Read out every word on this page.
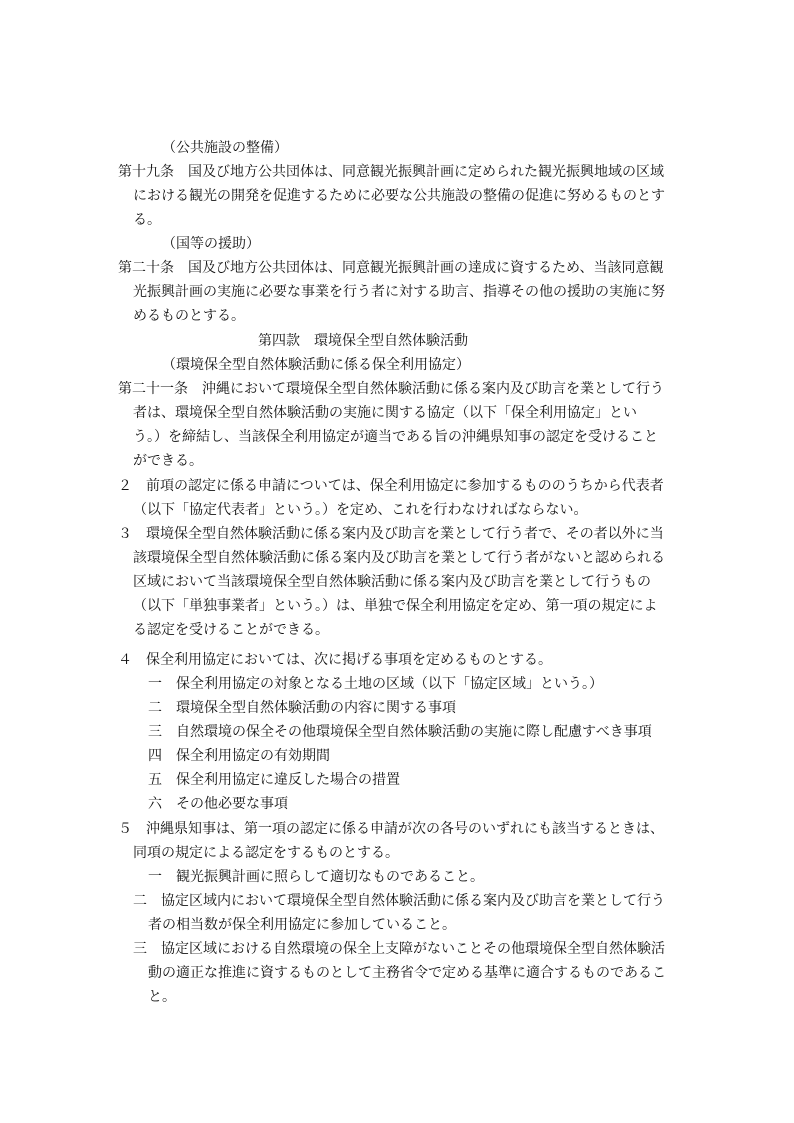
（公共施設の整備）
第十九条　国及び地方公共団体は、同意観光振興計画に定められた観光振興地域の区域
における観光の開発を促進するために必要な公共施設の整備の促進に努めるものとす
る。
（国等の援助）
第二十条　国及び地方公共団体は、同意観光振興計画の達成に資するため、当該同意観
光振興計画の実施に必要な事業を行う者に対する助言、指導その他の援助の実施に努
めるものとする。
第四款　環境保全型自然体験活動
（環境保全型自然体験活動に係る保全利用協定）
第二十一条　沖縄において環境保全型自然体験活動に係る案内及び助言を業として行う
者は、環境保全型自然体験活動の実施に関する協定（以下「保全利用協定」とい
う。）を締結し、当該保全利用協定が適当である旨の沖縄県知事の認定を受けること
ができる。
２　前項の認定に係る申請については、保全利用協定に参加するもののうちから代表者
（以下「協定代表者」という。）を定め、これを行わなければならない。
３　環境保全型自然体験活動に係る案内及び助言を業として行う者で、その者以外に当
該環境保全型自然体験活動に係る案内及び助言を業として行う者がないと認められる
区域において当該環境保全型自然体験活動に係る案内及び助言を業として行うもの
（以下「単独事業者」という。）は、単独で保全利用協定を定め、第一項の規定によ
る認定を受けることができる。
４　保全利用協定においては、次に掲げる事項を定めるものとする。
一　保全利用協定の対象となる土地の区域（以下「協定区域」という。）
二　環境保全型自然体験活動の内容に関する事項
三　自然環境の保全その他環境保全型自然体験活動の実施に際し配慮すべき事項
四　保全利用協定の有効期間
五　保全利用協定に違反した場合の措置
六　その他必要な事項
５　沖縄県知事は、第一項の認定に係る申請が次の各号のいずれにも該当するときは、
同項の規定による認定をするものとする。
一　観光振興計画に照らして適切なものであること。
二　協定区域内において環境保全型自然体験活動に係る案内及び助言を業として行う
者の相当数が保全利用協定に参加していること。
三　協定区域における自然環境の保全上支障がないことその他環境保全型自然体験活
動の適正な推進に資するものとして主務省令で定める基準に適合するものであるこ
と。
